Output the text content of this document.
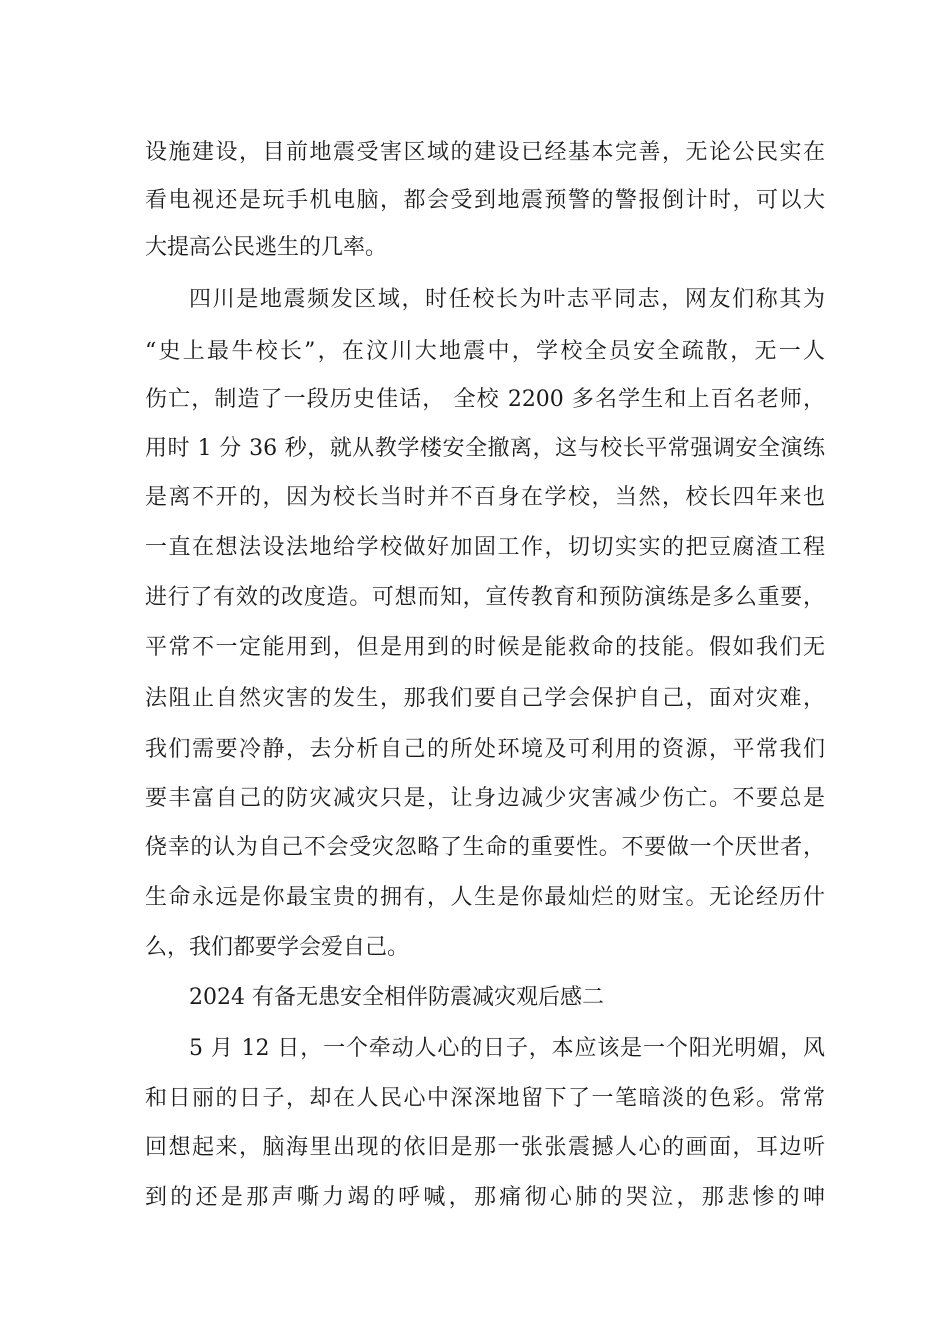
设施建设，目前地震受害区域的建设已经基本完善，无论公民实在
看电视还是玩手机电脑，都会受到地震预警的警报倒计时，可以大
大提高公民逃生的几率。
四川是地震频发区域，时任校长为叶志平同志，网友们称其为
“史上最牛校长”，在汶川大地震中，学校全员安全疏散，无一人
伤亡，制造了一段历史佳话， 全校 2200 多名学生和上百名老师，
用时 1 分 36 秒，就从教学楼安全撤离，这与校长平常强调安全演练
是离不开的，因为校长当时并不百身在学校，当然，校长四年来也
一直在想法设法地给学校做好加固工作，切切实实的把豆腐渣工程
进行了有效的改度造。可想而知，宣传教育和预防演练是多么重要，
平常不一定能用到，但是用到的时候是能救命的技能。假如我们无
法阻止自然灾害的发生，那我们要自己学会保护自己，面对灾难，
我们需要冷静，去分析自己的所处环境及可利用的资源，平常我们
要丰富自己的防灾减灾只是，让身边减少灾害减少伤亡。不要总是
侥幸的认为自己不会受灾忽略了生命的重要性。不要做一个厌世者，
生命永远是你最宝贵的拥有，人生是你最灿烂的财宝。无论经历什
么，我们都要学会爱自己。
2024 有备无患安全相伴防震减灾观后感二
5 月 12 日，一个牵动人心的日子，本应该是一个阳光明媚，风
和日丽的日子，却在人民心中深深地留下了一笔暗淡的色彩。常常
回想起来，脑海里出现的依旧是那一张张震撼人心的画面，耳边听
到的还是那声嘶力竭的呼喊，那痛彻心肺的哭泣，那悲惨的呻
